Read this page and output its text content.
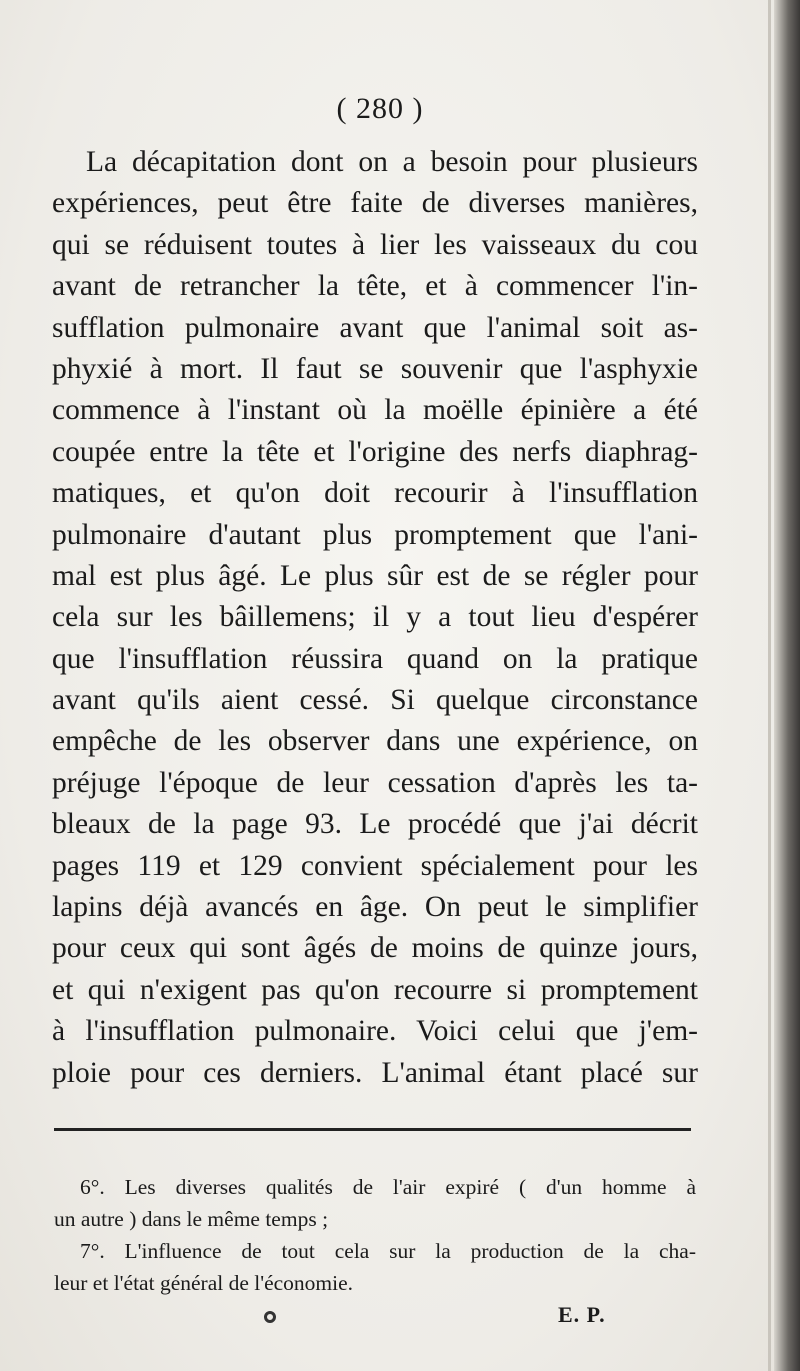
( 280 )
La décapitation dont on a besoin pour plusieurs
expériences, peut être faite de diverses manières,
qui se réduisent toutes à lier les vaisseaux du cou
avant de retrancher la tête, et à commencer l'in-
sufflation pulmonaire avant que l'animal soit as-
phyxié à mort. Il faut se souvenir que l'asphyxie
commence à l'instant où la moëlle épinière a été
coupée entre la tête et l'origine des nerfs diaphrag-
matiques, et qu'on doit recourir à l'insufflation
pulmonaire d'autant plus promptement que l'ani-
mal est plus âgé. Le plus sûr est de se régler pour
cela sur les bâillemens; il y a tout lieu d'espérer
que l'insufflation réussira quand on la pratique
avant qu'ils aient cessé. Si quelque circonstance
empêche de les observer dans une expérience, on
préjuge l'époque de leur cessation d'après les ta-
bleaux de la page 93. Le procédé que j'ai décrit
pages 119 et 129 convient spécialement pour les
lapins déjà avancés en âge. On peut le simplifier
pour ceux qui sont âgés de moins de quinze jours,
et qui n'exigent pas qu'on recourre si promptement
à l'insufflation pulmonaire. Voici celui que j'em-
ploie pour ces derniers. L'animal étant placé sur
6°. Les diverses qualités de l'air expiré ( d'un homme à
un autre ) dans le même temps ;
7°. L'influence de tout cela sur la production de la cha-
leur et l'état général de l'économie.
E. P.
